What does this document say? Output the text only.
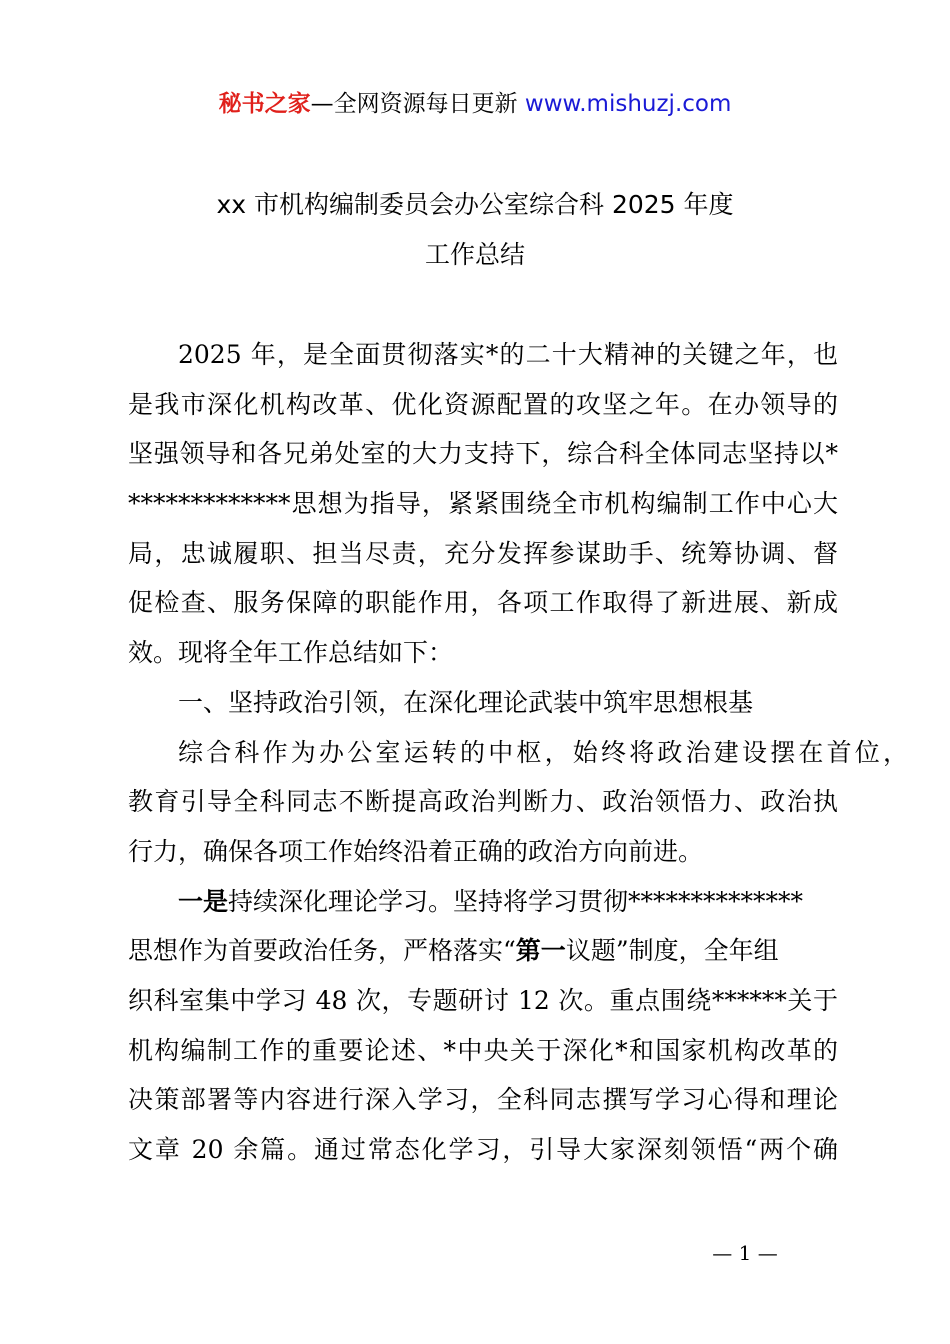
秘书之家—全网资源每日更新 www.mishuzj.com
xx 市机构编制委员会办公室综合科 2025 年度
工作总结
2025 年，是全面贯彻落实*的二十大精神的关键之年，也
是我市深化机构改革、优化资源配置的攻坚之年。在办领导的
坚强领导和各兄弟处室的大力支持下，综合科全体同志坚持以*
*************思想为指导，紧紧围绕全市机构编制工作中心大
局，忠诚履职、担当尽责，充分发挥参谋助手、统筹协调、督
促检查、服务保障的职能作用，各项工作取得了新进展、新成
效。现将全年工作总结如下：
一、坚持政治引领，在深化理论武装中筑牢思想根基
综合科作为办公室运转的中枢，始终将政治建设摆在首位，
教育引导全科同志不断提高政治判断力、政治领悟力、政治执
行力，确保各项工作始终沿着正确的政治方向前进。
一是持续深化理论学习。坚持将学习贯彻**************
思想作为首要政治任务，严格落实“第一议题”制度，全年组
织科室集中学习 48 次，专题研讨 12 次。重点围绕******关于
机构编制工作的重要论述、*中央关于深化*和国家机构改革的
决策部署等内容进行深入学习，全科同志撰写学习心得和理论
文章 20 余篇。通过常态化学习，引导大家深刻领悟“两个确
— 1 —
